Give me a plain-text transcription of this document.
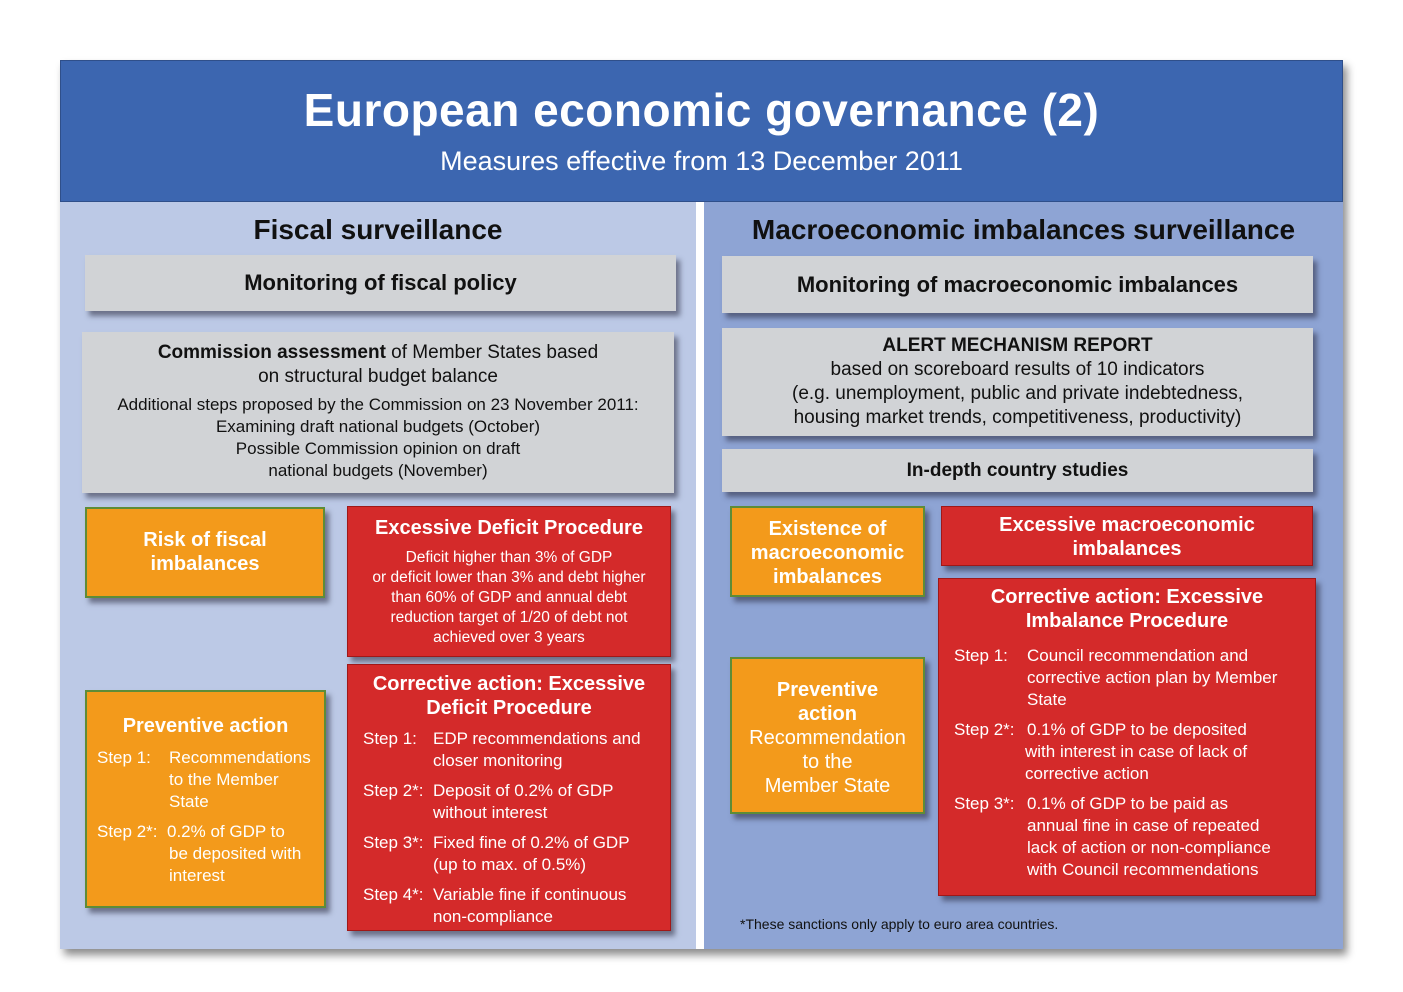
European economic governance (2)
Measures effective from 13 December 2011
Fiscal surveillance
Monitoring of fiscal policy
Commission assessment of Member States based
on structural budget balance
Additional steps proposed by the Commission on 23 November 2011:
Examining draft national budgets (October)
Possible Commission opinion on draft
national budgets (November)
Risk of fiscal
imbalances
Excessive Deficit Procedure
Deficit higher than 3% of GDP
or deficit lower than 3% and debt higher
than 60% of GDP and annual debt
reduction target of 1/20 of debt not
achieved over 3 years
Preventive action
Step 1: Recommendations
to the Member
State
Step 2*: 0.2% of GDP to
be deposited with
interest
Corrective action: Excessive
Deficit Procedure
Step 1: EDP recommendations and
closer monitoring
Step 2*: Deposit of 0.2% of GDP
without interest
Step 3*: Fixed fine of 0.2% of GDP
(up to max. of 0.5%)
Step 4*: Variable fine if continuous
non-compliance
Macroeconomic imbalances surveillance
Monitoring of macroeconomic imbalances
ALERT MECHANISM REPORT
based on scoreboard results of 10 indicators
(e.g. unemployment, public and private indebtedness,
housing market trends, competitiveness, productivity)
In-depth country studies
Existence of
macroeconomic
imbalances
Excessive macroeconomic
imbalances
Preventive
action
Recommendation
to the
Member State
Corrective action: Excessive
Imbalance Procedure
Step 1: Council recommendation and
corrective action plan by Member
State
Step 2*: 0.1% of GDP to be deposited
with interest in case of lack of
corrective action
Step 3*: 0.1% of GDP to be paid as
annual fine in case of repeated
lack of action or non-compliance
with Council recommendations
*These sanctions only apply to euro area countries.
